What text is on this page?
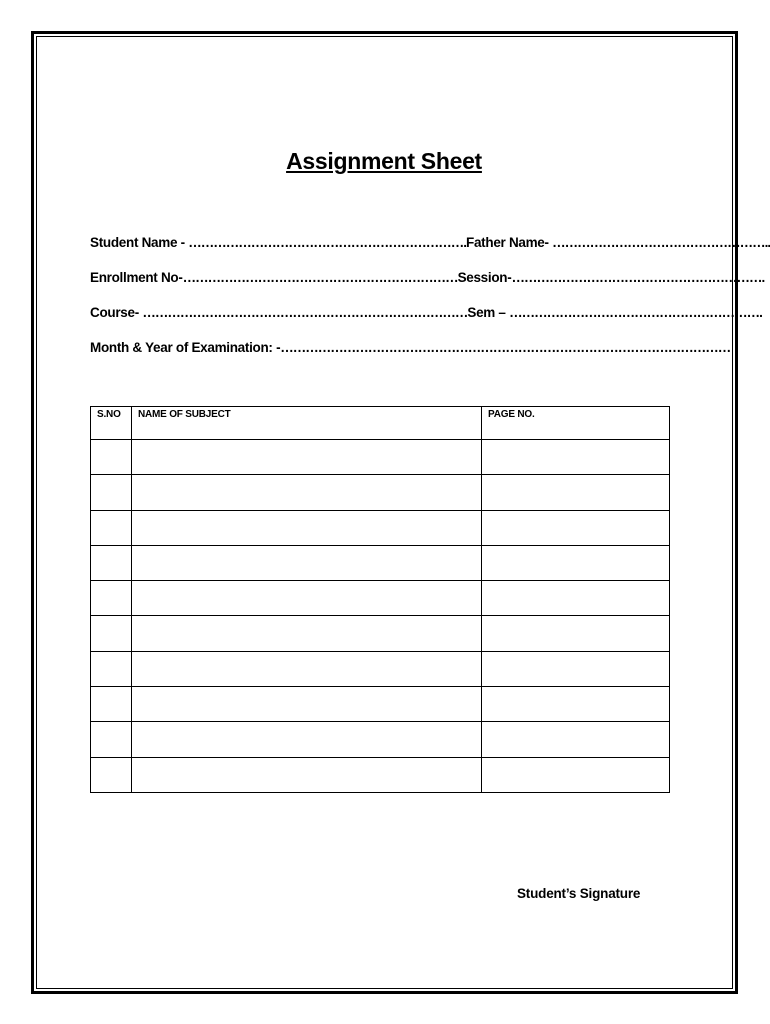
Assignment Sheet
Student Name - ………………………………………………………….Father Name- ……………………………………………..
Enrollment No-…………………………………………………………Session-…………………………………………………….
Course- ……………………………………………………………………Sem – …………………………………………………….
Month & Year of Examination: -………………………………………………………………………………………………
S.NO	NAME OF SUBJECT	PAGE NO.

Student’s Signature
